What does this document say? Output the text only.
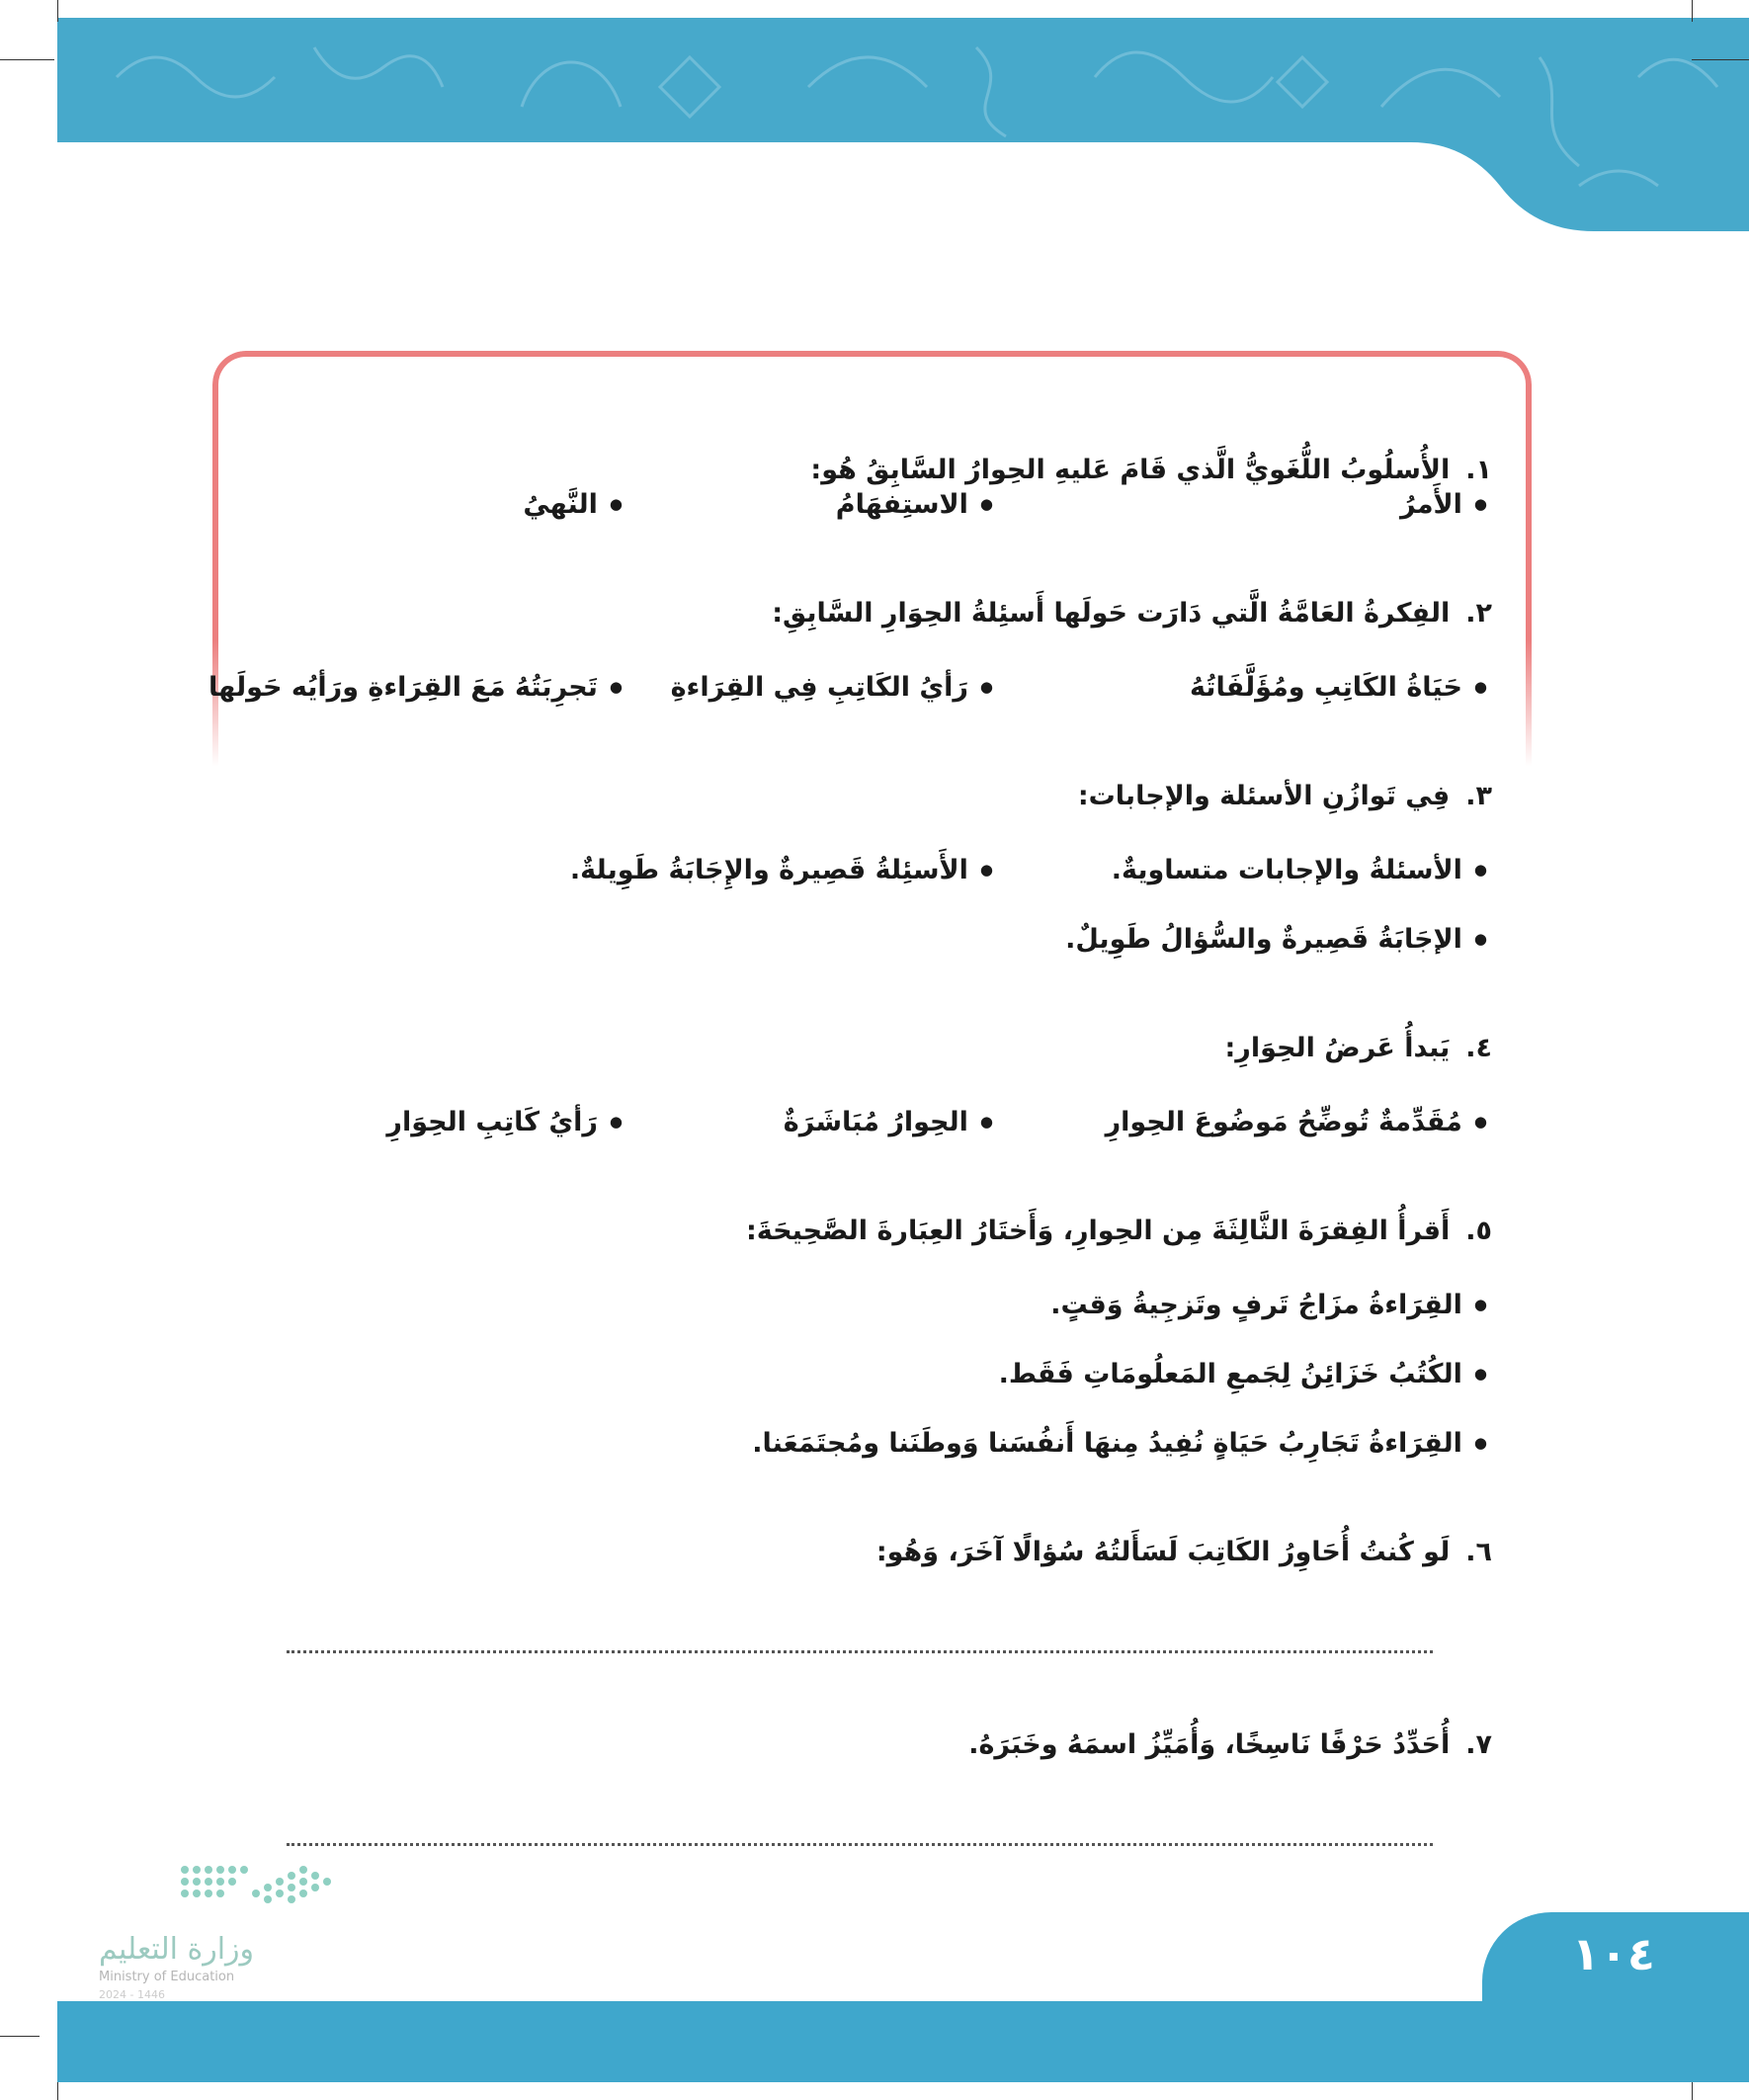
١.الأُسلُوبُ اللُّغَويُّ الَّذي قَامَ عَليهِ الحِوارُ السَّابِقُ هُو:
● الأَمرُ
● الاستِفهَامُ
● النَّهيُ
٢.الفِكرةُ العَامَّةُ الَّتي دَارَت حَولَها أَسئِلةُ الحِوَارِ السَّابِقِ:
● حَيَاةُ الكَاتِبِ ومُؤَلَّفَاتُهُ
● رَأيُ الكَاتِبِ فِي القِرَاءةِ
● تَجرِبَتُهُ مَعَ القِرَاءةِ ورَأيُه حَولَها
٣.فِي تَوازُنِ الأسئلة والإجابات:
● الأسئلةُ والإجابات متساويةٌ.
● الأَسئِلةُ قَصِيرةٌ والإِجَابَةُ طَوِيلةٌ.
● الإجَابَةُ قَصِيرةٌ والسُّؤالُ طَوِيلٌ.
٤.يَبدأُ عَرضُ الحِوَارِ:
● مُقَدِّمةٌ تُوضِّحُ مَوضُوعَ الحِوارِ
● الحِوارُ مُبَاشَرَةٌ
● رَأيُ كَاتِبِ الحِوَارِ
٥.أَقرأُ الفِقرَةَ الثَّالِثَةَ مِن الحِوارِ، وَأَختَارُ العِبَارةَ الصَّحِيحَةَ:
● القِرَاءةُ مزَاجُ تَرفٍ وتَزجِيةُ وَقتٍ.
● الكُتُبُ خَزَائِنُ لِجَمعِ المَعلُومَاتِ فَقَط.
● القِرَاءةُ تَجَارِبُ حَيَاةٍ نُفِيدُ مِنهَا أَنفُسَنا وَوطَنَنا ومُجتَمَعَنا.
٦.لَو كُنتُ أُحَاوِرُ الكَاتِبَ لَسَأَلتُهُ سُؤالًا آخَرَ، وَهُو:
٧.أُحَدِّدُ حَرْفًا نَاسِخًا، وَأُمَيِّزُ اسمَهُ وخَبَرَهُ.
وزارة التعليم
Ministry of Education
2024 - 1446
١٠٤
